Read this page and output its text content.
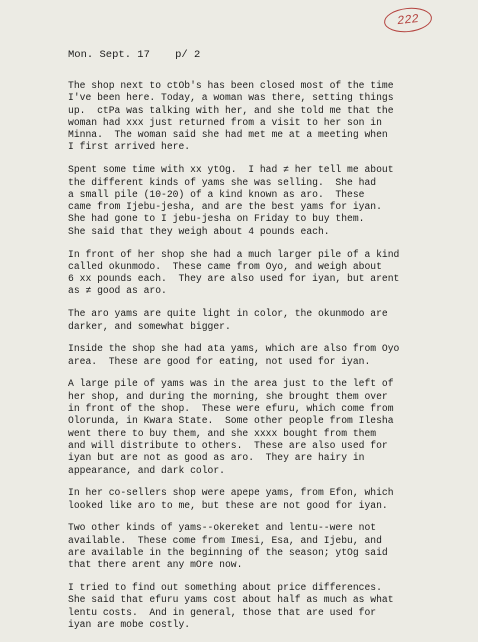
222
Mon. Sept. 17    p/ 2
The shop next to ctOb's has been closed most of the time
I've been here. Today, a woman was there, setting things
up.  ctPa was talking with her, and she told me that the
woman had xxx just returned from a visit to her son in
Minna.  The woman said she had met me at a meeting when
I first arrived here.
Spent some time with xx ytOg.  I had ≠ her tell me about
the different kinds of yams she was selling.  She had
a small pile (10-20) of a kind known as aro.  These
came from Ijebu-jesha, and are the best yams for iyan.
She had gone to I jebu-jesha on Friday to buy them.
She said that they weigh about 4 pounds each.
In front of her shop she had a much larger pile of a kind
called okunmodo.  These came from Oyo, and weigh about
6 xx pounds each.  They are also used for iyan, but arent
as ≠ good as aro.
The aro yams are quite light in color, the okunmodo are
darker, and somewhat bigger.
Inside the shop she had ata yams, which are also from Oyo
area.  These are good for eating, not used for iyan.
A large pile of yams was in the area just to the left of
her shop, and during the morning, she brought them over
in front of the shop.  These were efuru, which come from
Olorunda, in Kwara State.  Some other people from Ilesha
went there to buy them, and she xxxx bought from them
and will distribute to others.  These are also used for
iyan but are not as good as aro.  They are hairy in
appearance, and dark color.
In her co-sellers shop were apepe yams, from Efon, which
looked like aro to me, but these are not good for iyan.
Two other kinds of yams--okereket and lentu--were not
available.  These come from Imesi, Esa, and Ijebu, and
are available in the beginning of the season; ytOg said
that there arent any mOre now.
I tried to find out something about price differences.
She said that efuru yams cost about half as much as what
lentu costs.  And in general, those that are used for
iyan are mobe costly.
